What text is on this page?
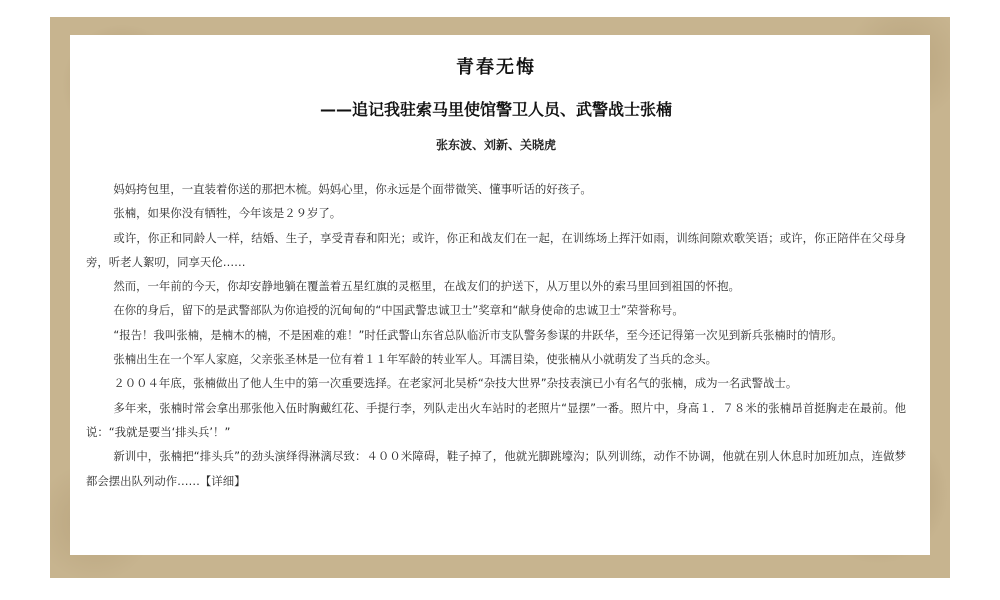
青春无悔
——追记我驻索马里使馆警卫人员、武警战士张楠
张东波、刘新、关晓虎

妈妈挎包里，一直装着你送的那把木梳。妈妈心里，你永远是个面带微笑、懂事听话的好孩子。

张楠，如果你没有牺牲，今年该是２９岁了。

或许，你正和同龄人一样，结婚、生子，享受青春和阳光；或许，你正和战友们在一起，在训练场上挥汗如雨，训练间隙欢歌笑语；或许，你正陪伴在父母身旁，听老人絮叨，同享天伦……

然而，一年前的今天，你却安静地躺在覆盖着五星红旗的灵柩里，在战友们的护送下，从万里以外的索马里回到祖国的怀抱。

在你的身后，留下的是武警部队为你追授的沉甸甸的“中国武警忠诚卫士”奖章和“献身使命的忠诚卫士”荣誉称号。

“报告！我叫张楠，是楠木的楠，不是困难的难！”时任武警山东省总队临沂市支队警务参谋的井跃华，至今还记得第一次见到新兵张楠时的情形。

张楠出生在一个军人家庭，父亲张圣林是一位有着１１年军龄的转业军人。耳濡目染，使张楠从小就萌发了当兵的念头。

２００４年底，张楠做出了他人生中的第一次重要选择。在老家河北吴桥“杂技大世界”杂技表演已小有名气的张楠，成为一名武警战士。

多年来，张楠时常会拿出那张他入伍时胸戴红花、手提行李，列队走出火车站时的老照片“显摆”一番。照片中，身高１．７８米的张楠昂首挺胸走在最前。他说：“我就是要当‘排头兵’！”

新训中，张楠把“排头兵”的劲头演绎得淋漓尽致：４００米障碍，鞋子掉了，他就光脚跳壕沟；队列训练，动作不协调，他就在别人休息时加班加点，连做梦都会摆出队列动作……【详细】
